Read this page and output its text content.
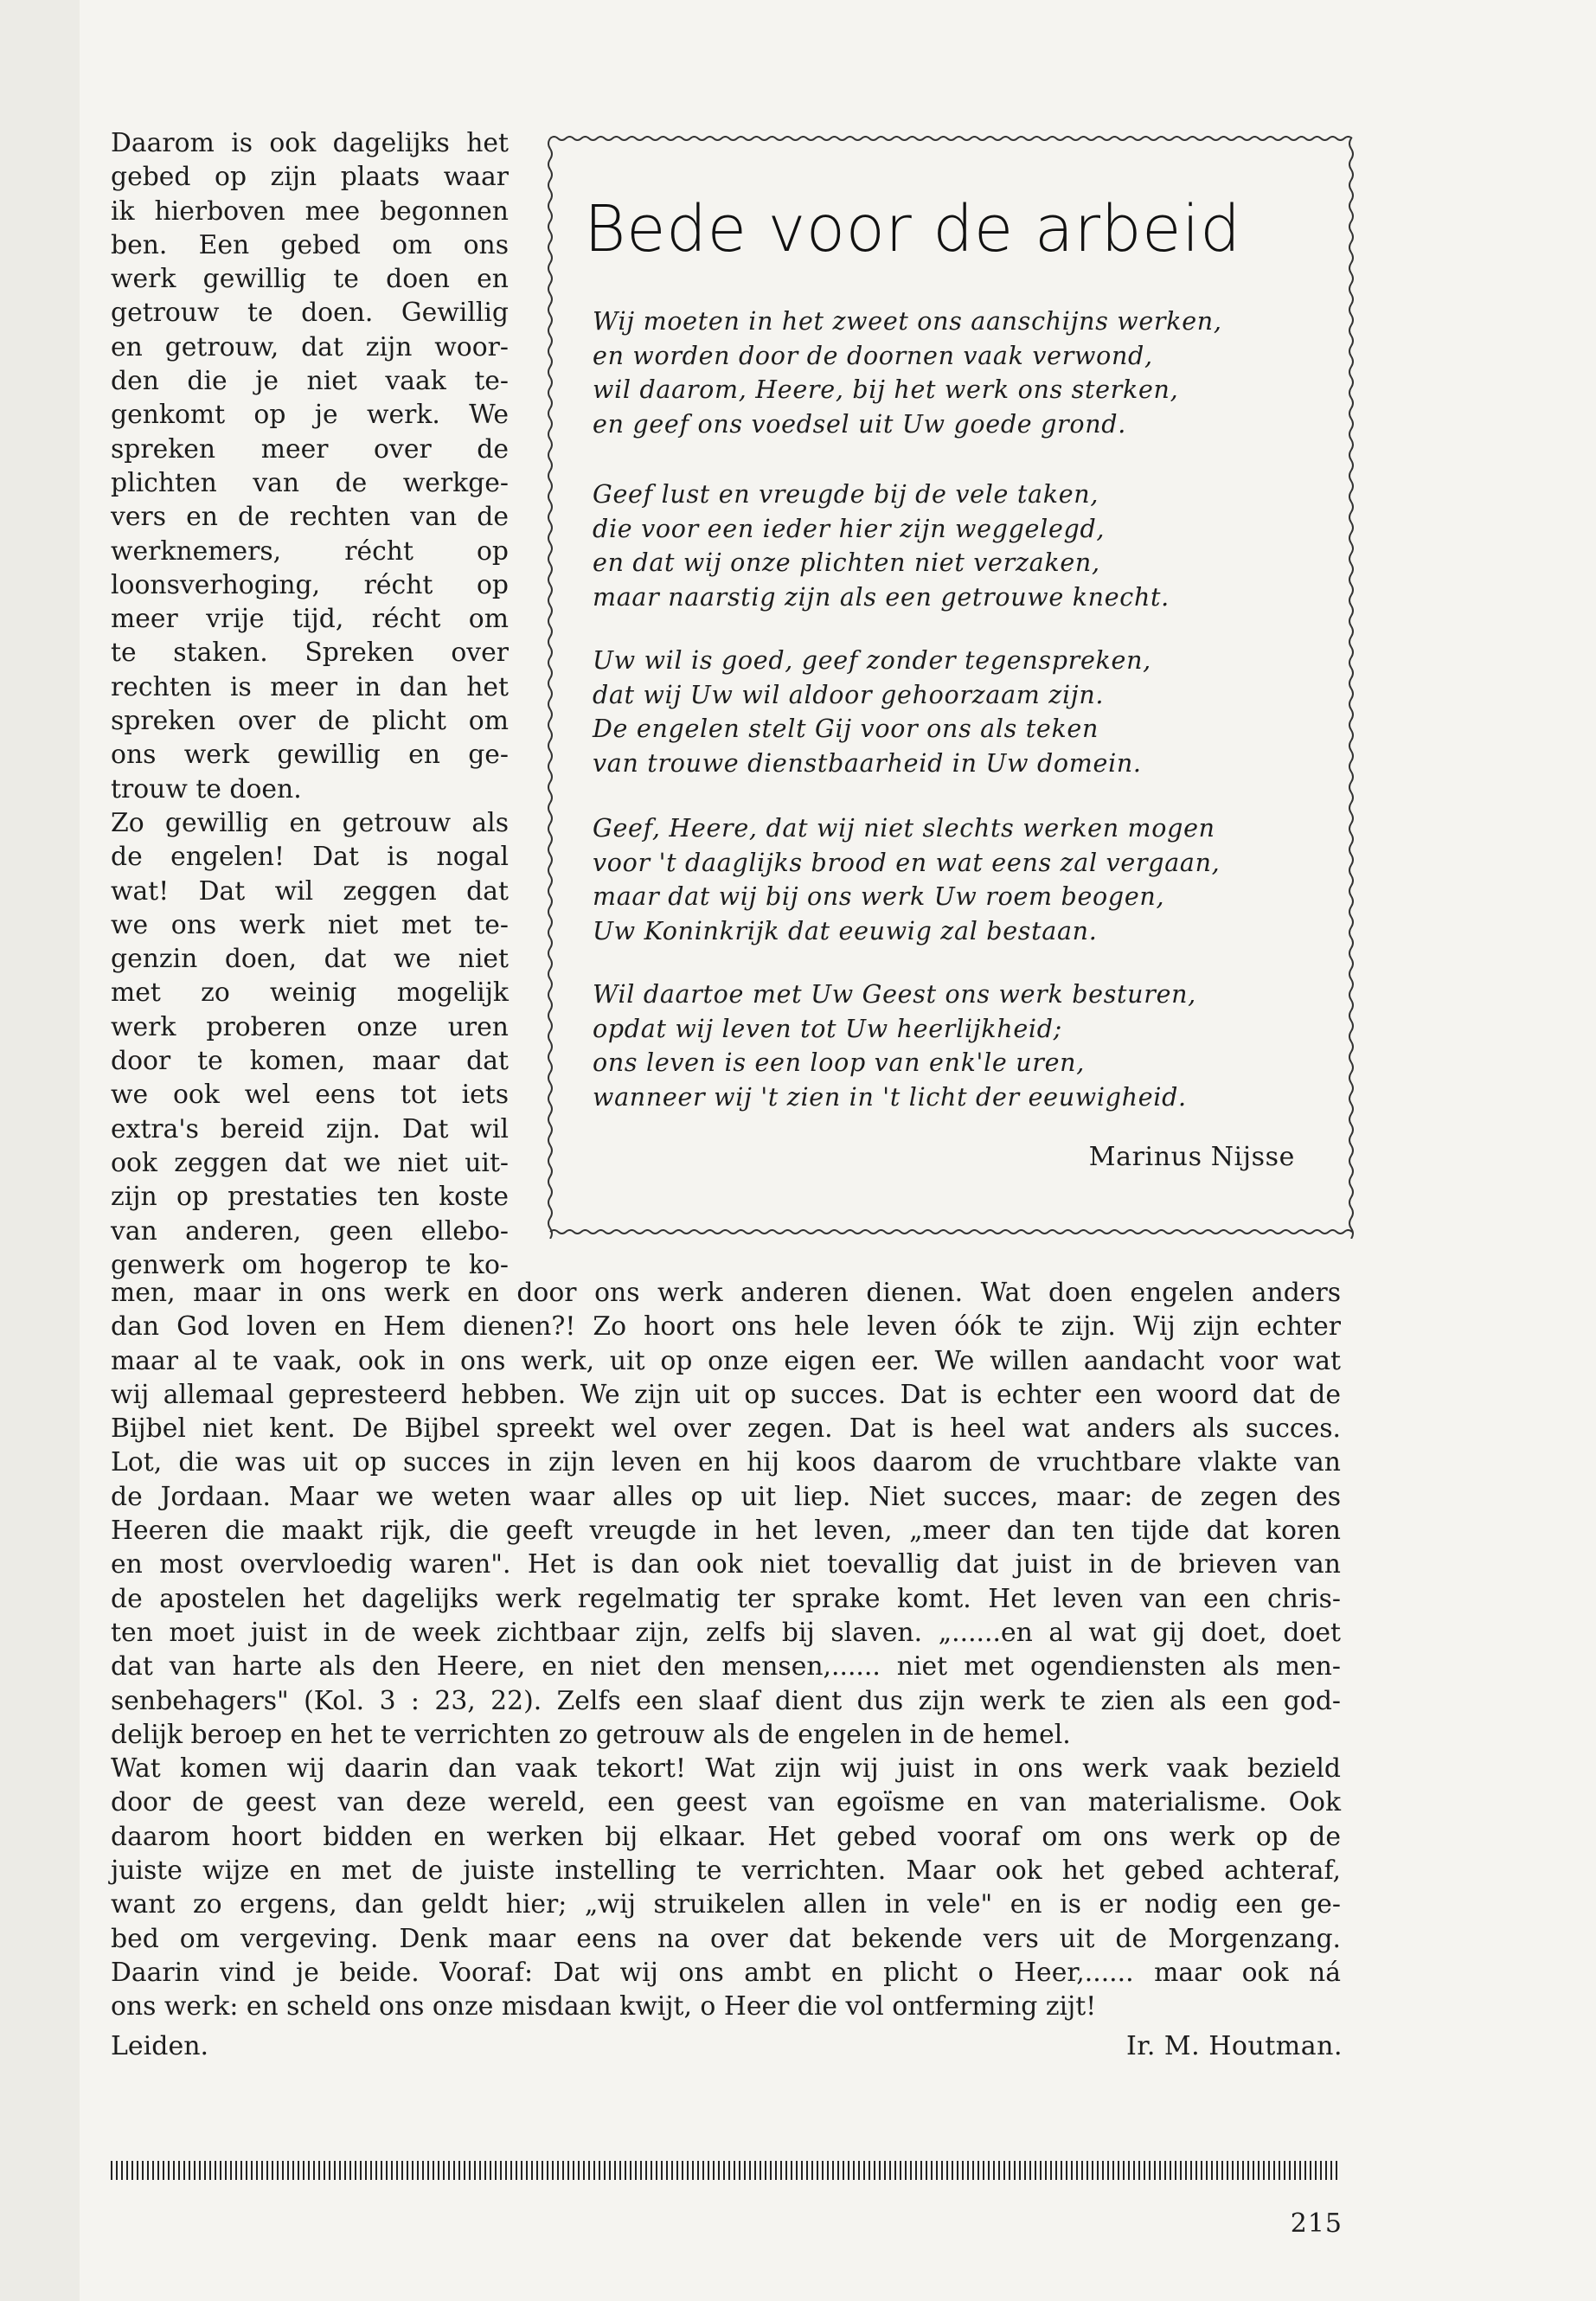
Daarom is ook dagelijks het
gebed op zijn plaats waar
ik hierboven mee begonnen
ben. Een gebed om ons
werk gewillig te doen en
getrouw te doen. Gewillig
en getrouw, dat zijn woor-
den die je niet vaak te-
genkomt op je werk. We
spreken meer over de
plichten van de werkge-
vers en de rechten van de
werknemers, récht op
loonsverhoging, récht op
meer vrije tijd, récht om
te staken. Spreken over
rechten is meer in dan het
spreken over de plicht om
ons werk gewillig en ge-
trouw te doen.
Zo gewillig en getrouw als
de engelen! Dat is nogal
wat! Dat wil zeggen dat
we ons werk niet met te-
genzin doen, dat we niet
met zo weinig mogelijk
werk proberen onze uren
door te komen, maar dat
we ook wel eens tot iets
extra's bereid zijn. Dat wil
ook zeggen dat we niet uit-
zijn op prestaties ten koste
van anderen, geen ellebo-
genwerk om hogerop te ko-
Bede voor de arbeid
Wij moeten in het zweet ons aanschijns werken,
en worden door de doornen vaak verwond,
wil daarom, Heere, bij het werk ons sterken,
en geef ons voedsel uit Uw goede grond.
Geef lust en vreugde bij de vele taken,
die voor een ieder hier zijn weggelegd,
en dat wij onze plichten niet verzaken,
maar naarstig zijn als een getrouwe knecht.
Uw wil is goed, geef zonder tegenspreken,
dat wij Uw wil aldoor gehoorzaam zijn.
De engelen stelt Gij voor ons als teken
van trouwe dienstbaarheid in Uw domein.
Geef, Heere, dat wij niet slechts werken mogen
voor 't daaglijks brood en wat eens zal vergaan,
maar dat wij bij ons werk Uw roem beogen,
Uw Koninkrijk dat eeuwig zal bestaan.
Wil daartoe met Uw Geest ons werk besturen,
opdat wij leven tot Uw heerlijkheid;
ons leven is een loop van enk'le uren,
wanneer wij 't zien in 't licht der eeuwigheid.
Marinus Nijsse
men, maar in ons werk en door ons werk anderen dienen. Wat doen engelen anders
dan God loven en Hem dienen?! Zo hoort ons hele leven óók te zijn. Wij zijn echter
maar al te vaak, ook in ons werk, uit op onze eigen eer. We willen aandacht voor wat
wij allemaal gepresteerd hebben. We zijn uit op succes. Dat is echter een woord dat de
Bijbel niet kent. De Bijbel spreekt wel over zegen. Dat is heel wat anders als succes.
Lot, die was uit op succes in zijn leven en hij koos daarom de vruchtbare vlakte van
de Jordaan. Maar we weten waar alles op uit liep. Niet succes, maar: de zegen des
Heeren die maakt rijk, die geeft vreugde in het leven, „meer dan ten tijde dat koren
en most overvloedig waren". Het is dan ook niet toevallig dat juist in de brieven van
de apostelen het dagelijks werk regelmatig ter sprake komt. Het leven van een chris-
ten moet juist in de week zichtbaar zijn, zelfs bij slaven. „......en al wat gij doet, doet
dat van harte als den Heere, en niet den mensen,...... niet met ogendiensten als men-
senbehagers" (Kol. 3 : 23, 22). Zelfs een slaaf dient dus zijn werk te zien als een god-
delijk beroep en het te verrichten zo getrouw als de engelen in de hemel.
Wat komen wij daarin dan vaak tekort! Wat zijn wij juist in ons werk vaak bezield
door de geest van deze wereld, een geest van egoïsme en van materialisme. Ook
daarom hoort bidden en werken bij elkaar. Het gebed vooraf om ons werk op de
juiste wijze en met de juiste instelling te verrichten. Maar ook het gebed achteraf,
want zo ergens, dan geldt hier; „wij struikelen allen in vele" en is er nodig een ge-
bed om vergeving. Denk maar eens na over dat bekende vers uit de Morgenzang.
Daarin vind je beide. Vooraf: Dat wij ons ambt en plicht o Heer,...... maar ook ná
ons werk: en scheld ons onze misdaan kwijt, o Heer die vol ontferming zijt!
Leiden.	Ir. M. Houtman.
215
